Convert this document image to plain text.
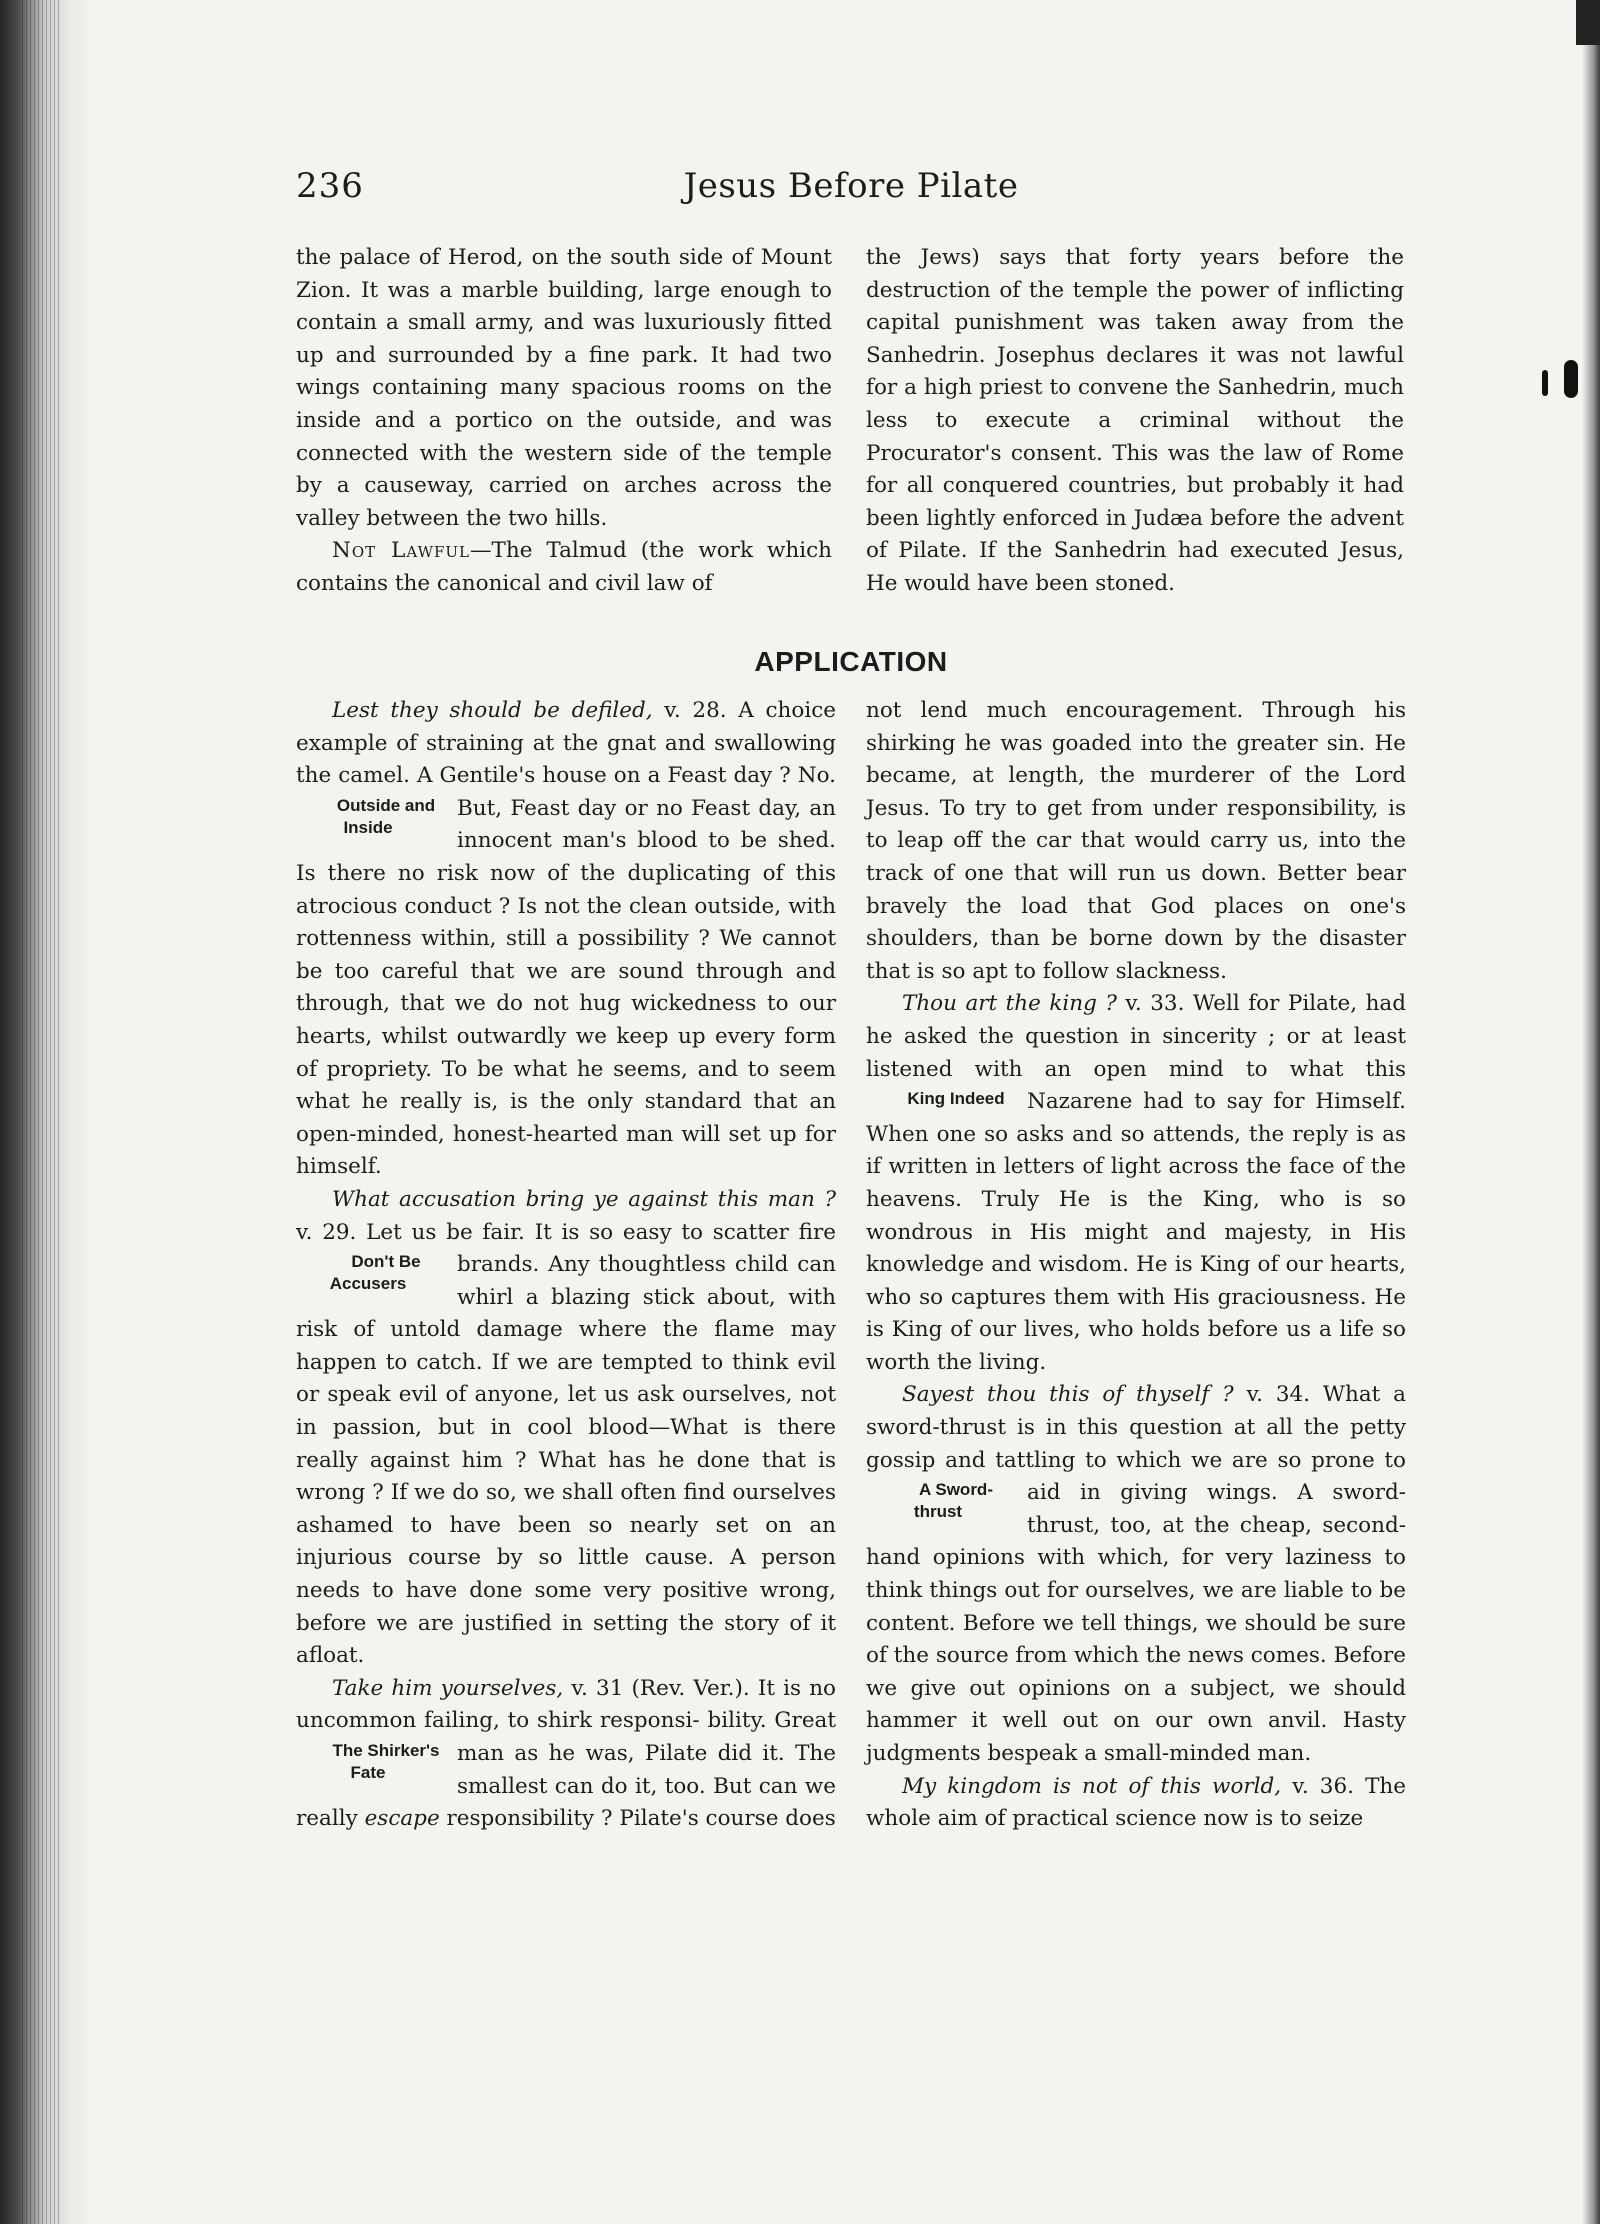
236	Jesus Before Pilate

the palace of Herod, on the south side of Mount Zion. It was a marble building, large enough to contain a small army, and was luxuriously fitted up and surrounded by a fine park. It had two wings containing many spacious rooms on the inside and a portico on the outside, and was connected with the western side of the temple by a causeway, carried on arches across the valley between the two hills.

Not Lawful—The Talmud (the work which contains the canonical and civil law of

the Jews) says that forty years before the destruction of the temple the power of inflicting capital punishment was taken away from the Sanhedrin. Josephus declares it was not lawful for a high priest to convene the Sanhedrin, much less to execute a criminal without the Procurator's consent. This was the law of Rome for all conquered countries, but probably it had been lightly enforced in Judæa before the advent of Pilate. If the Sanhedrin had executed Jesus, He would have been stoned.

APPLICATION

Lest they should be defiled, v. 28. A choice example of straining at the gnat and swallowing the camel. A Gentile's house on a Feast
Outside and Inside
day ? No. But, Feast day or no Feast day, an innocent man's blood to be shed. Is there no risk now of the duplicating of this atrocious conduct ? Is not the clean outside, with rottenness within, still a possibility ? We cannot be too careful that we are sound through and through, that we do not hug wickedness to our hearts, whilst outwardly we keep up every form of propriety. To be what he seems, and to seem what he really is, is the only standard that an open-minded, honest-hearted man will set up for himself.

What accusation bring ye against this man ? v. 29. Let us be fair. It is so easy to scatter fire brands. Any thoughtless child can
Don't Be Accusers
whirl a blazing stick about, with risk of untold damage where the flame may happen to catch. If we are tempted to think evil or speak evil of anyone, let us ask ourselves, not in passion, but in cool blood—What is there really against him ? What has he done that is wrong ? If we do so, we shall often find ourselves ashamed to have been so nearly set on an injurious course by so little cause. A person needs to have done some very positive wrong, before we are justified in setting the story of it afloat.

Take him yourselves, v. 31 (Rev. Ver.). It is no uncommon failing, to shirk responsi-
The Shirker's Fate
bility. Great man as he was, Pilate did it. The smallest can do it, too. But can we really escape responsibility ? Pilate's course does

not lend much encouragement. Through his shirking he was goaded into the greater sin. He became, at length, the murderer of the Lord Jesus. To try to get from under responsibility, is to leap off the car that would carry us, into the track of one that will run us down. Better bear bravely the load that God places on one's shoulders, than be borne down by the disaster that is so apt to follow slackness.

Thou art the king ? v. 33. Well for Pilate, had he asked the question in sincerity ; or at least listened with an open mind to what this
King Indeed Nazarene had to say for Himself. When one so asks and so attends, the reply is as if written in letters of light across the face of the heavens. Truly He is the King, who is so wondrous in His might and majesty, in His knowledge and wisdom. He is King of our hearts, who so captures them with His graciousness. He is King of our lives, who holds before us a life so worth the living.

Sayest thou this of thyself ? v. 34. What a sword-thrust is in this question at all the petty gossip and tattling to which we are so
A Sword-thrust
prone to aid in giving wings. A sword-thrust, too, at the cheap, second-hand opinions with which, for very laziness to think things out for ourselves, we are liable to be content. Before we tell things, we should be sure of the source from which the news comes. Before we give out opinions on a subject, we should hammer it well out on our own anvil. Hasty judgments bespeak a small-minded man.

My kingdom is not of this world, v. 36. The whole aim of practical science now is to seize
